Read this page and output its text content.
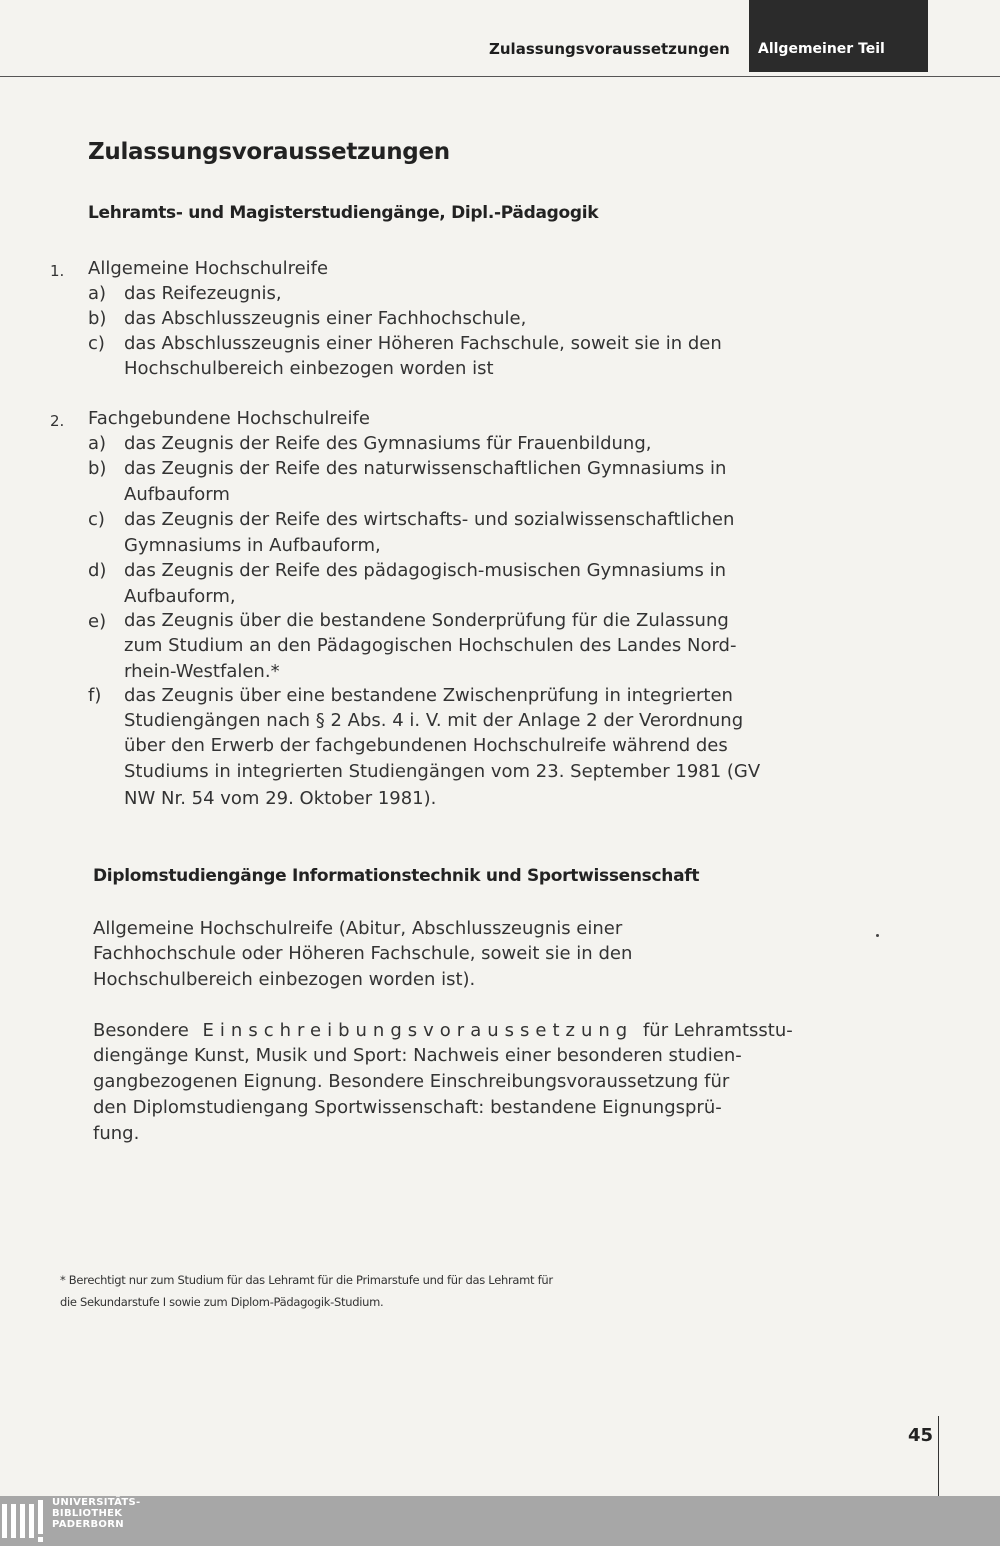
Zulassungsvoraussetzungen Allgemeiner Teil
Zulassungsvoraussetzungen
Lehramts- und Magisterstudiengänge, Dipl.-Pädagogik
1. Allgemeine Hochschulreife
a) das Reifezeugnis,
b) das Abschlusszeugnis einer Fachhochschule,
c) das Abschlusszeugnis einer Höheren Fachschule, soweit sie in den
Hochschulbereich einbezogen worden ist
2. Fachgebundene Hochschulreife
a) das Zeugnis der Reife des Gymnasiums für Frauenbildung,
b) das Zeugnis der Reife des naturwissenschaftlichen Gymnasiums in
Aufbauform
c) das Zeugnis der Reife des wirtschafts- und sozialwissenschaftlichen
Gymnasiums in Aufbauform,
d) das Zeugnis der Reife des pädagogisch-musischen Gymnasiums in
Aufbauform,
e) das Zeugnis über die bestandene Sonderprüfung für die Zulassung
zum Studium an den Pädagogischen Hochschulen des Landes Nord-
rhein-Westfalen.*
f) das Zeugnis über eine bestandene Zwischenprüfung in integrierten
Studiengängen nach § 2 Abs. 4 i. V. mit der Anlage 2 der Verordnung
über den Erwerb der fachgebundenen Hochschulreife während des
Studiums in integrierten Studiengängen vom 23. September 1981 (GV
NW Nr. 54 vom 29. Oktober 1981).
Diplomstudiengänge Informationstechnik und Sportwissenschaft
Allgemeine Hochschulreife (Abitur, Abschlusszeugnis einer
Fachhochschule oder Höheren Fachschule, soweit sie in den
Hochschulbereich einbezogen worden ist).
Besondere Einschreibungsvoraussetzung für Lehramtsstu-
diengänge Kunst, Musik und Sport: Nachweis einer besonderen studien-
gangbezogenen Eignung. Besondere Einschreibungsvoraussetzung für
den Diplomstudiengang Sportwissenschaft: bestandene Eignungsprü-
fung.
* Berechtigt nur zum Studium für das Lehramt für die Primarstufe und für das Lehramt für
die Sekundarstufe I sowie zum Diplom-Pädagogik-Studium.
45
UNIVERSITÄTS-
BIBLIOTHEK
PADERBORN
